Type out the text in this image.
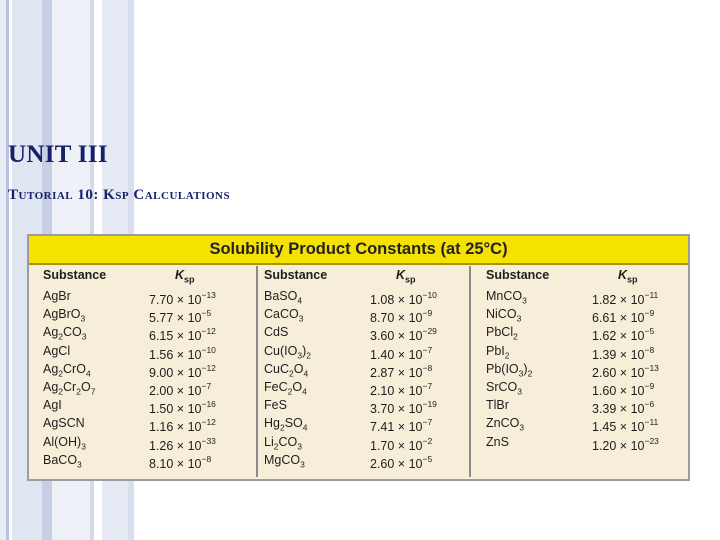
UNIT III
Tutorial 10: Ksp Calculations
Solubility Product Constants (at 25°C)
Substance	$K_{sp}$
AgBr	$7.70 \times 10^{-13}$
AgBrO$_3$	$5.77 \times 10^{-5}$
$Ag_2CO_3$	$6.15 \times 10^{-12}$
AgCl	$1.56 \times 10^{-10}$
$Ag_2CrO_4$	$9.00 \times 10^{-12}$
$Ag_2Cr_2O_7$	$2.00 \times 10^{-7}$
AgI	$1.50 \times 10^{-16}$
AgSCN	$1.16 \times 10^{-12}$
$Al(OH)_3$	$1.26 \times 10^{-33}$
BaCO$_3$	$8.10 \times 10^{-8}$
Substance	$K_{sp}$
BaSO$_4$	$1.08 \times 10^{-10}$
CaCO$_3$	$8.70 \times 10^{-9}$
CdS	$3.60 \times 10^{-29}$
$Cu(IO_3)_2$	$1.40 \times 10^{-7}$
$CuC_2O_4$	$2.87 \times 10^{-8}$
$FeC_2O_4$	$2.10 \times 10^{-7}$
FeS	$3.70 \times 10^{-19}$
$Hg_2SO_4$	$7.41 \times 10^{-7}$
$Li_2CO_3$	$1.70 \times 10^{-2}$
MgCO$_3$	$2.60 \times 10^{-5}$
Substance	$K_{sp}$
MnCO$_3$	$1.82 \times 10^{-11}$
NiCO$_3$	$6.61 \times 10^{-9}$
PbCl$_2$	$1.62 \times 10^{-5}$
PbI$_2$	$1.39 \times 10^{-8}$
$Pb(IO_3)_2$	$2.60 \times 10^{-13}$
SrCO$_3$	$1.60 \times 10^{-9}$
TlBr	$3.39 \times 10^{-6}$
ZnCO$_3$	$1.45 \times 10^{-11}$
ZnS	$1.20 \times 10^{-23}$
